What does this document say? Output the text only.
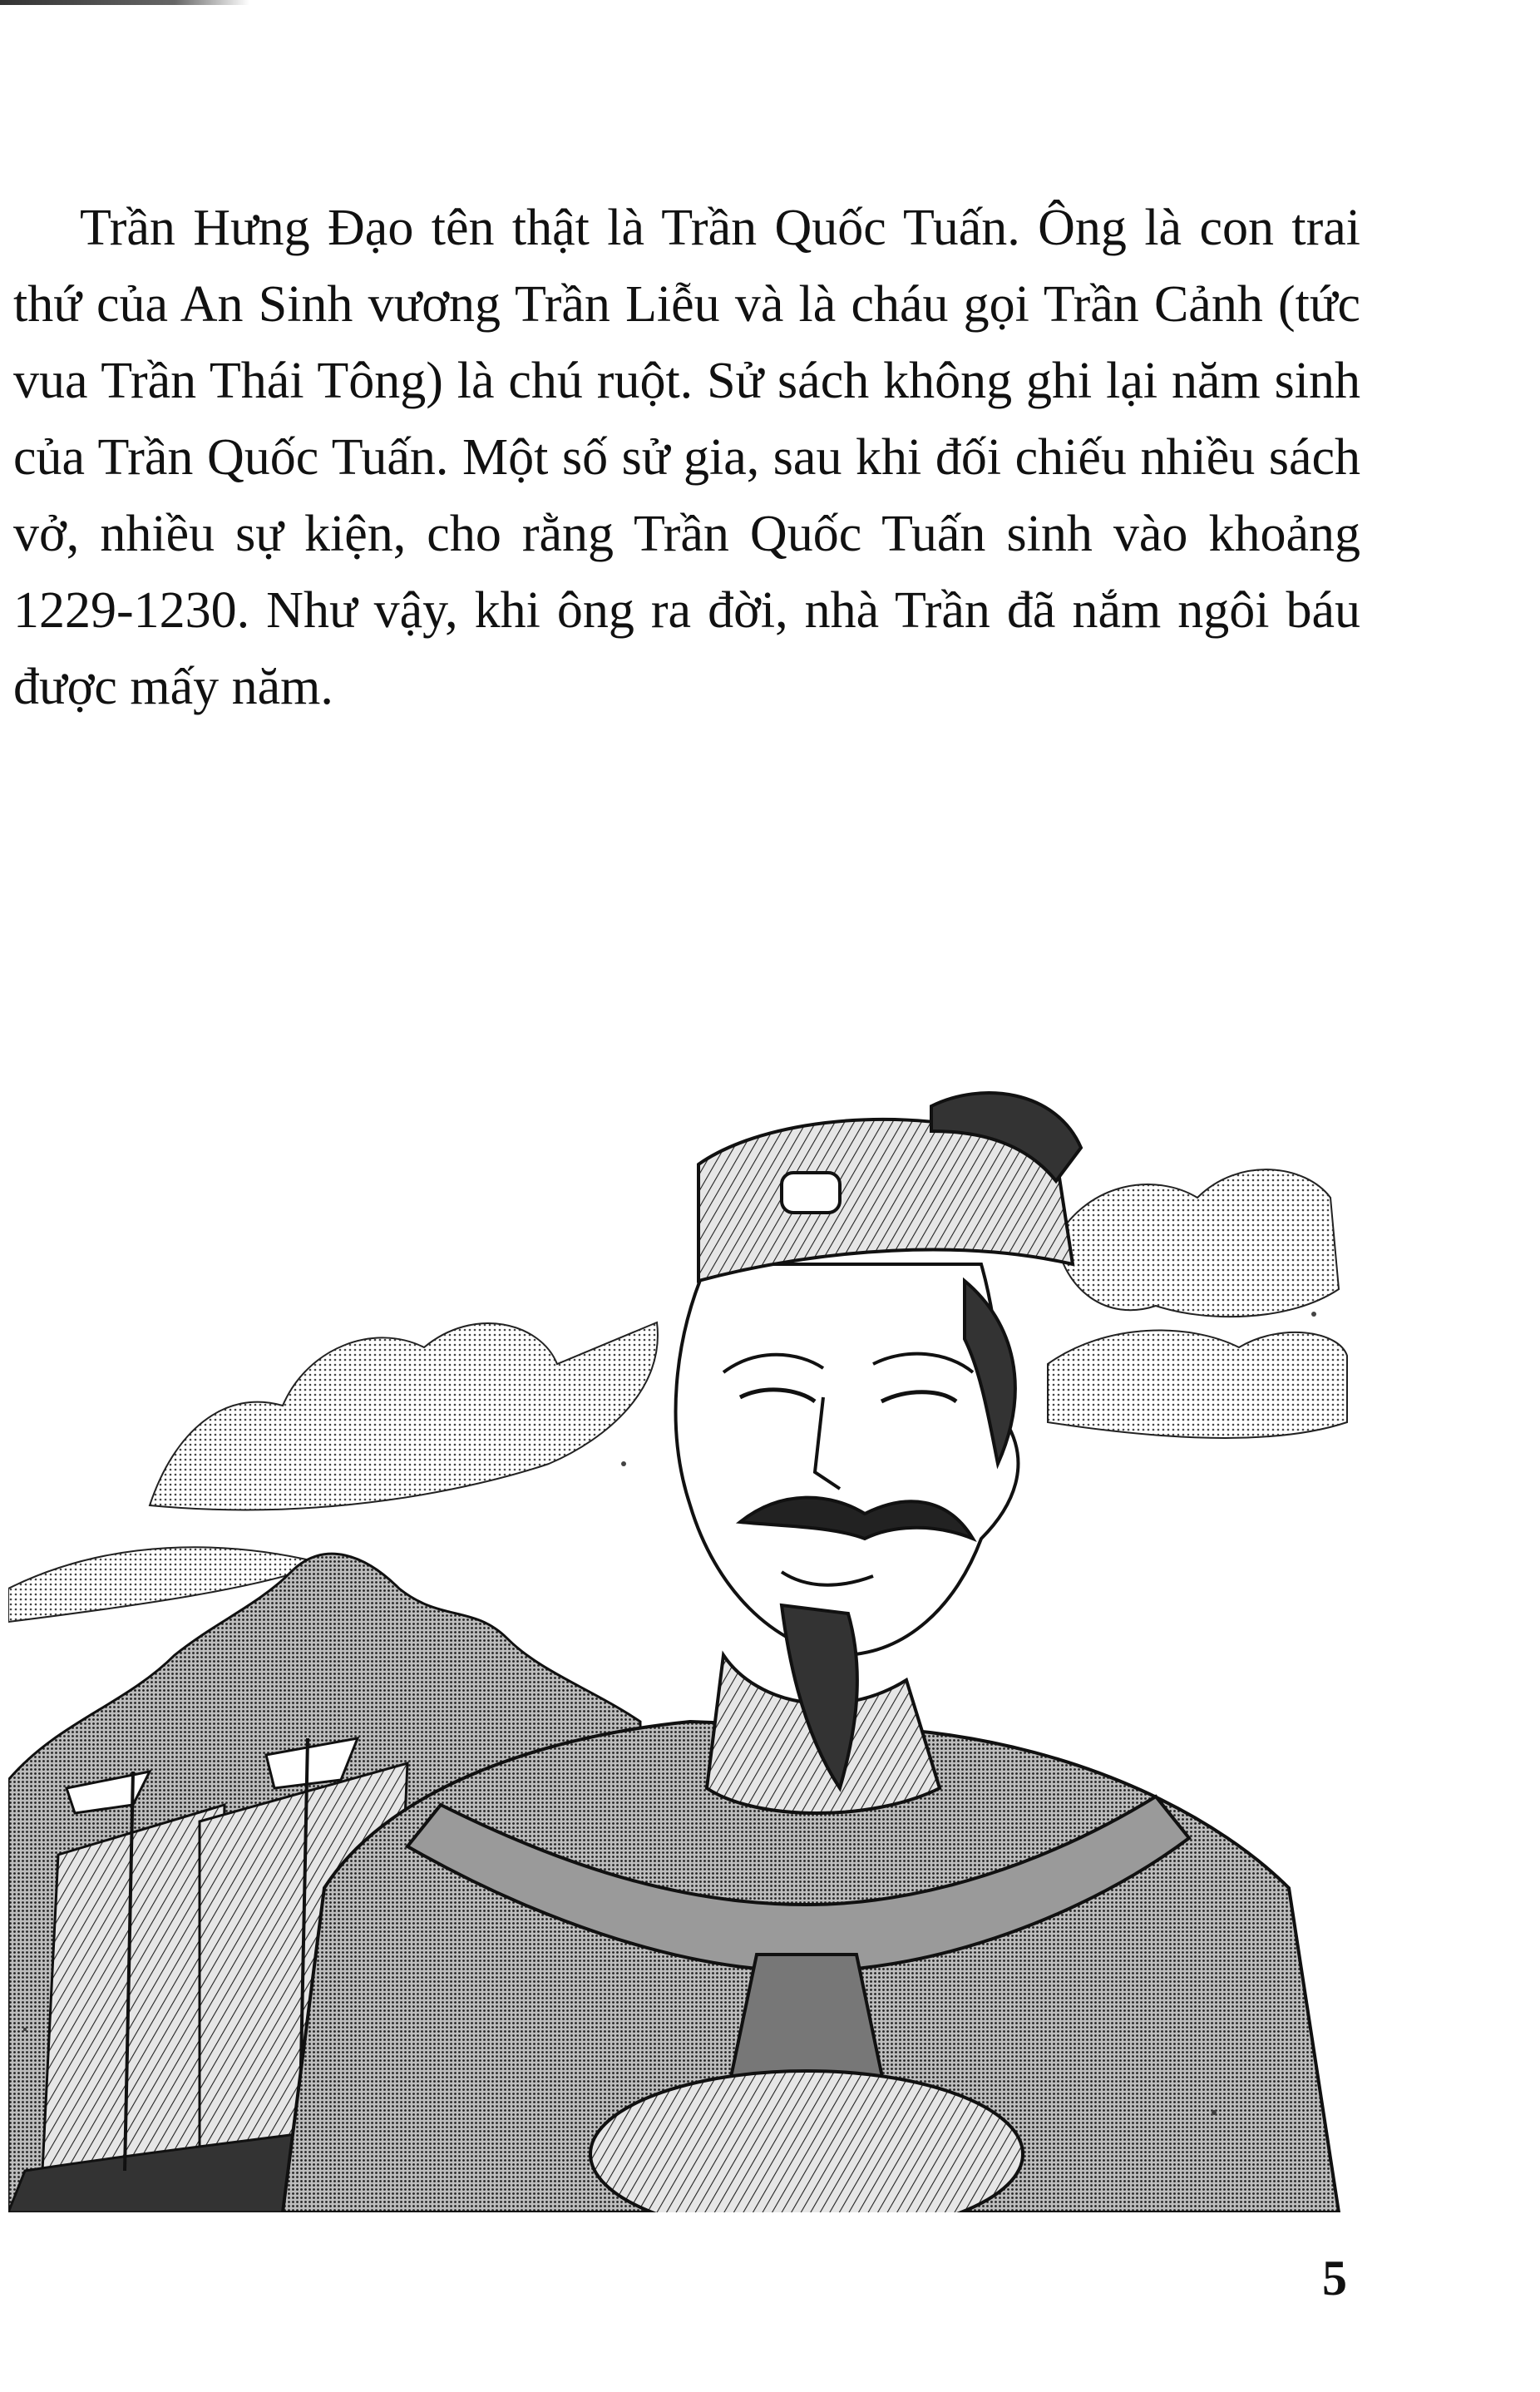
Trần Hưng Đạo tên thật là Trần Quốc Tuấn. Ông là con trai thứ của An Sinh vương Trần Liễu và là cháu gọi Trần Cảnh (tức vua Trần Thái Tông) là chú ruột. Sử sách không ghi lại năm sinh của Trần Quốc Tuấn. Một số sử gia, sau khi đối chiếu nhiều sách vở, nhiều sự kiện, cho rằng Trần Quốc Tuấn sinh vào khoảng 1229-1230. Như vậy, khi ông ra đời, nhà Trần đã nắm ngôi báu được mấy năm.

5
